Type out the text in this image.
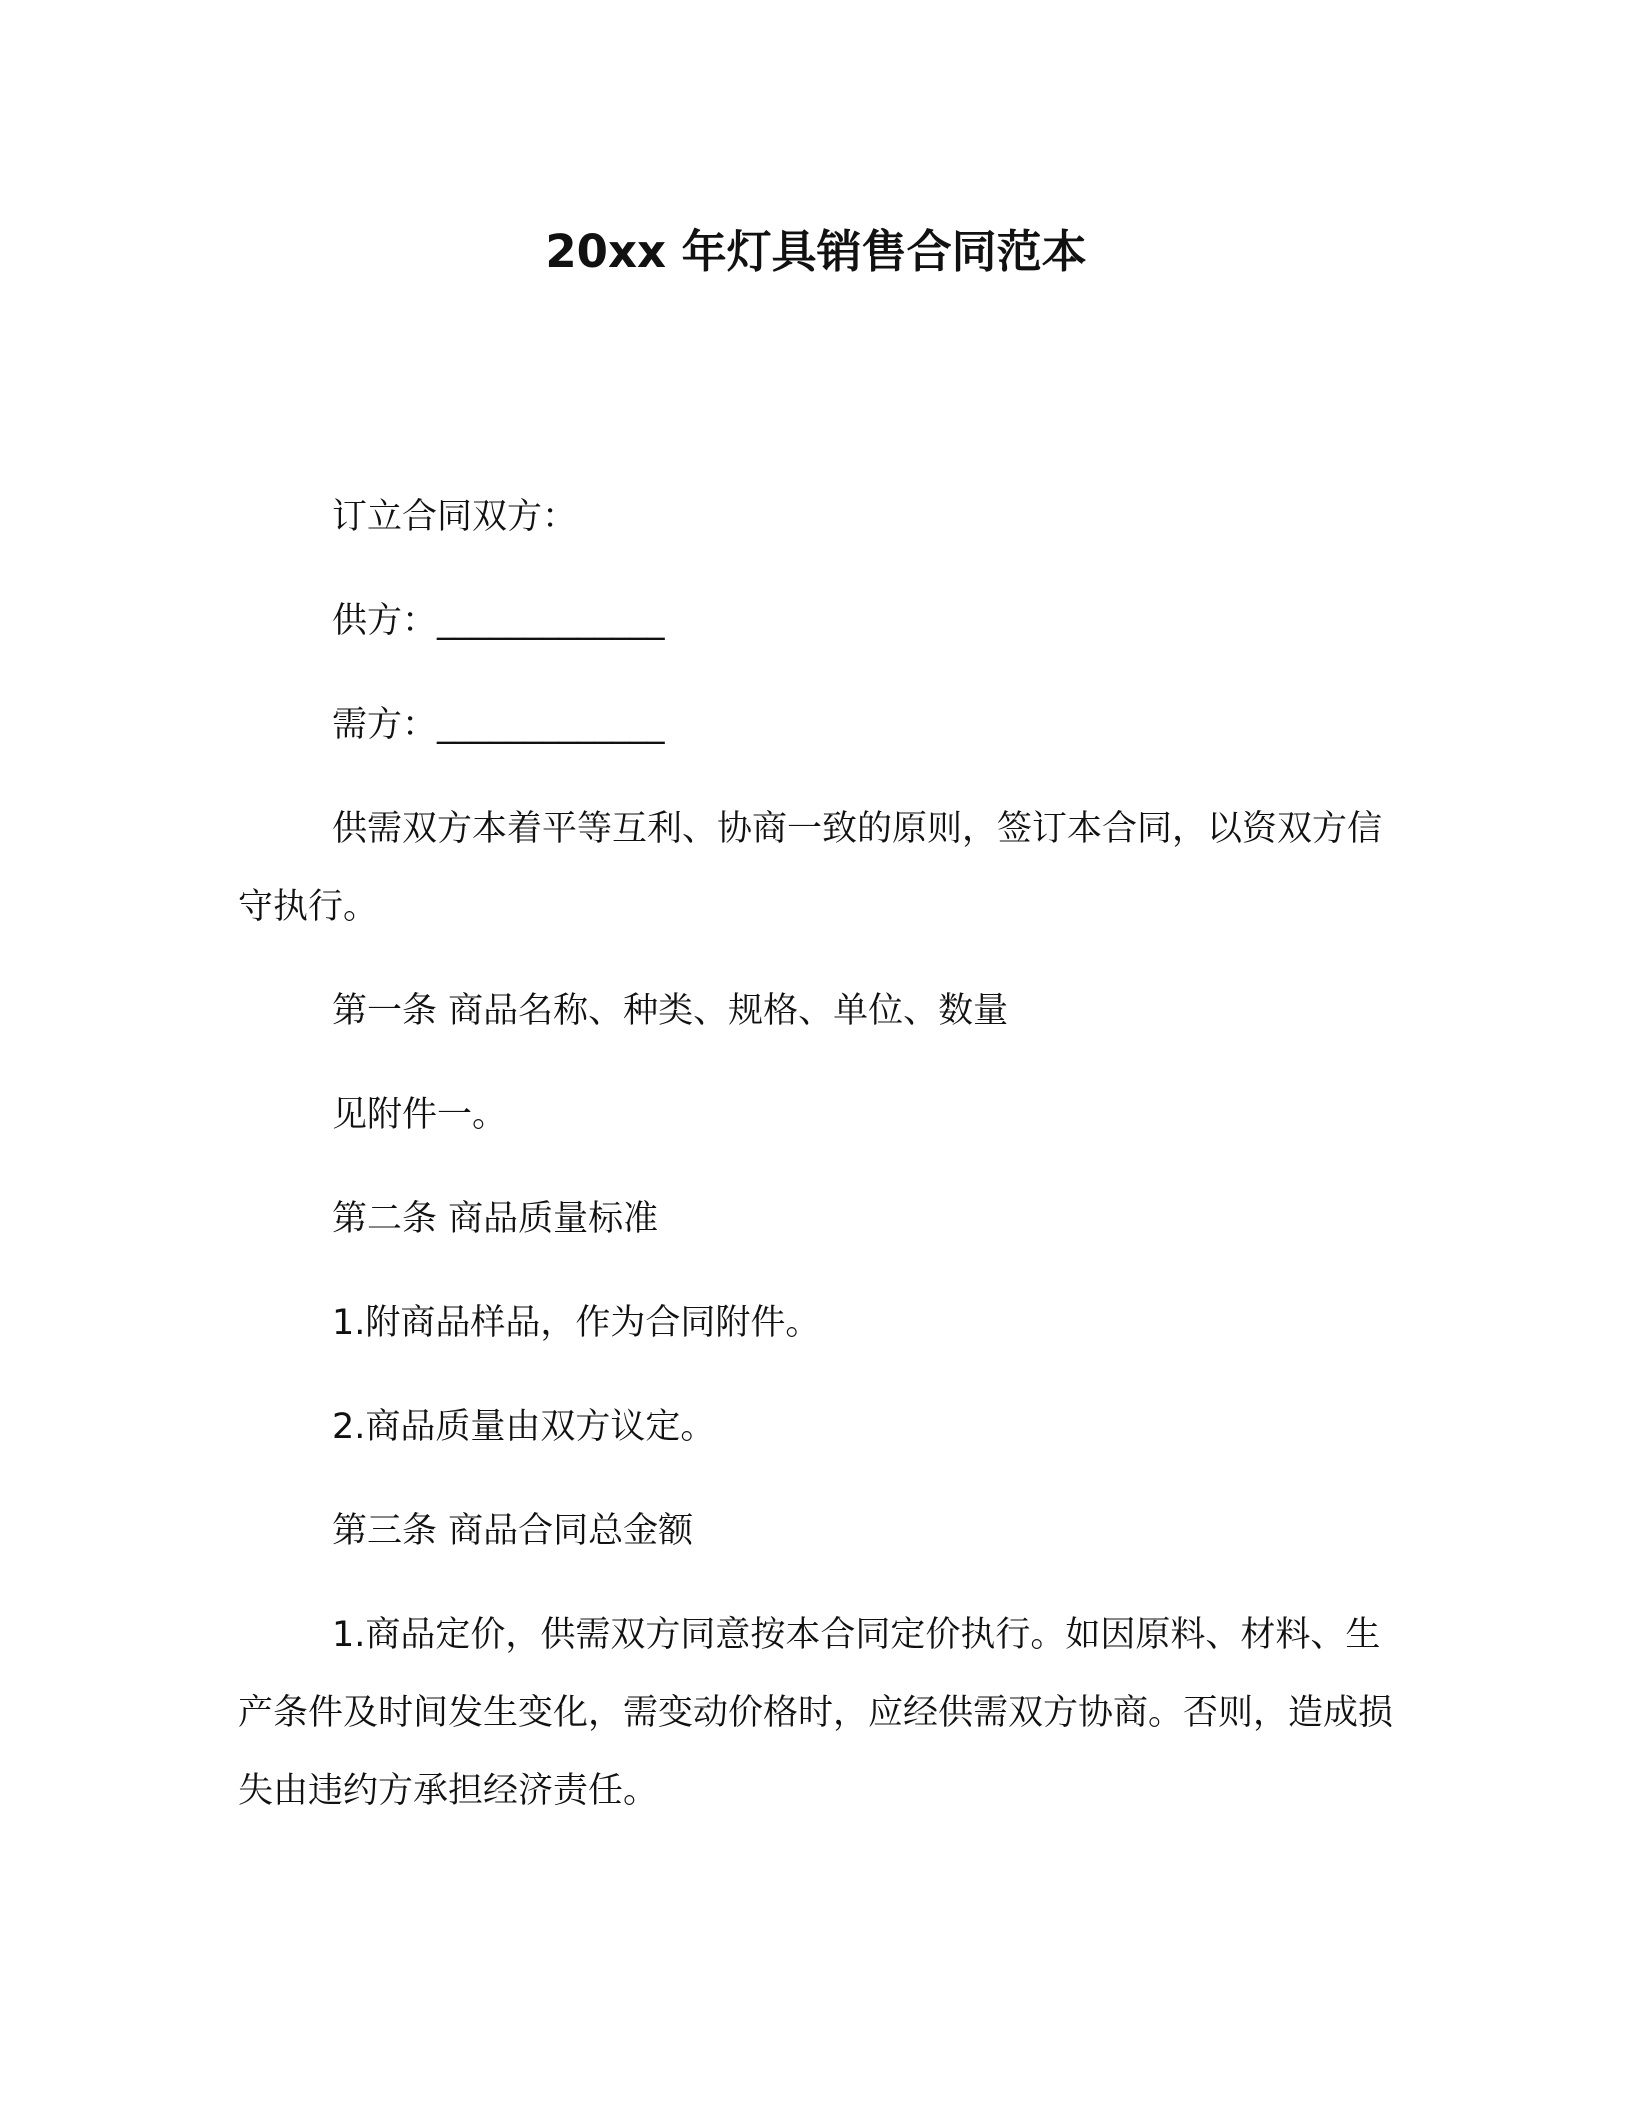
20xx 年灯具销售合同范本

订立合同双方：

供方：_____________

需方：_____________

供需双方本着平等互利、协商一致的原则，签订本合同，以资双方信守执行。

第一条 商品名称、种类、规格、单位、数量

见附件一。

第二条 商品质量标准

1.附商品样品，作为合同附件。

2.商品质量由双方议定。

第三条 商品合同总金额

1.商品定价，供需双方同意按本合同定价执行。如因原料、材料、生产条件及时间发生变化，需变动价格时，应经供需双方协商。否则，造成损失由违约方承担经济责任。
